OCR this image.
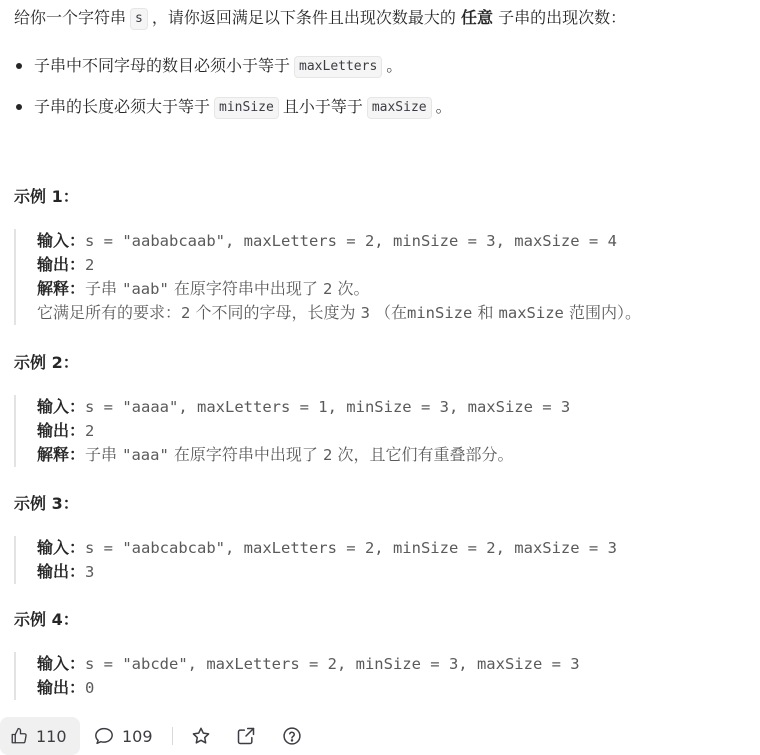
给你一个字符串 s ，请你返回满足以下条件且出现次数最大的 任意 子串的出现次数：
子串中不同字母的数目必须小于等于 maxLetters 。
子串的长度必须大于等于 minSize 且小于等于 maxSize 。
示例 1：
输入：s = "aababcaab", maxLetters = 2, minSize = 3, maxSize = 4
输出：2
解释：子串 "aab" 在原字符串中出现了 2 次。
它满足所有的要求：2 个不同的字母，长度为 3 （在minSize 和 maxSize 范围内）。
示例 2：
输入：s = "aaaa", maxLetters = 1, minSize = 3, maxSize = 3
输出：2
解释：子串 "aaa" 在原字符串中出现了 2 次，且它们有重叠部分。
示例 3：
输入：s = "aabcabcab", maxLetters = 2, minSize = 2, maxSize = 3
输出：3
示例 4：
输入：s = "abcde", maxLetters = 2, minSize = 3, maxSize = 3
输出：0
110	109
